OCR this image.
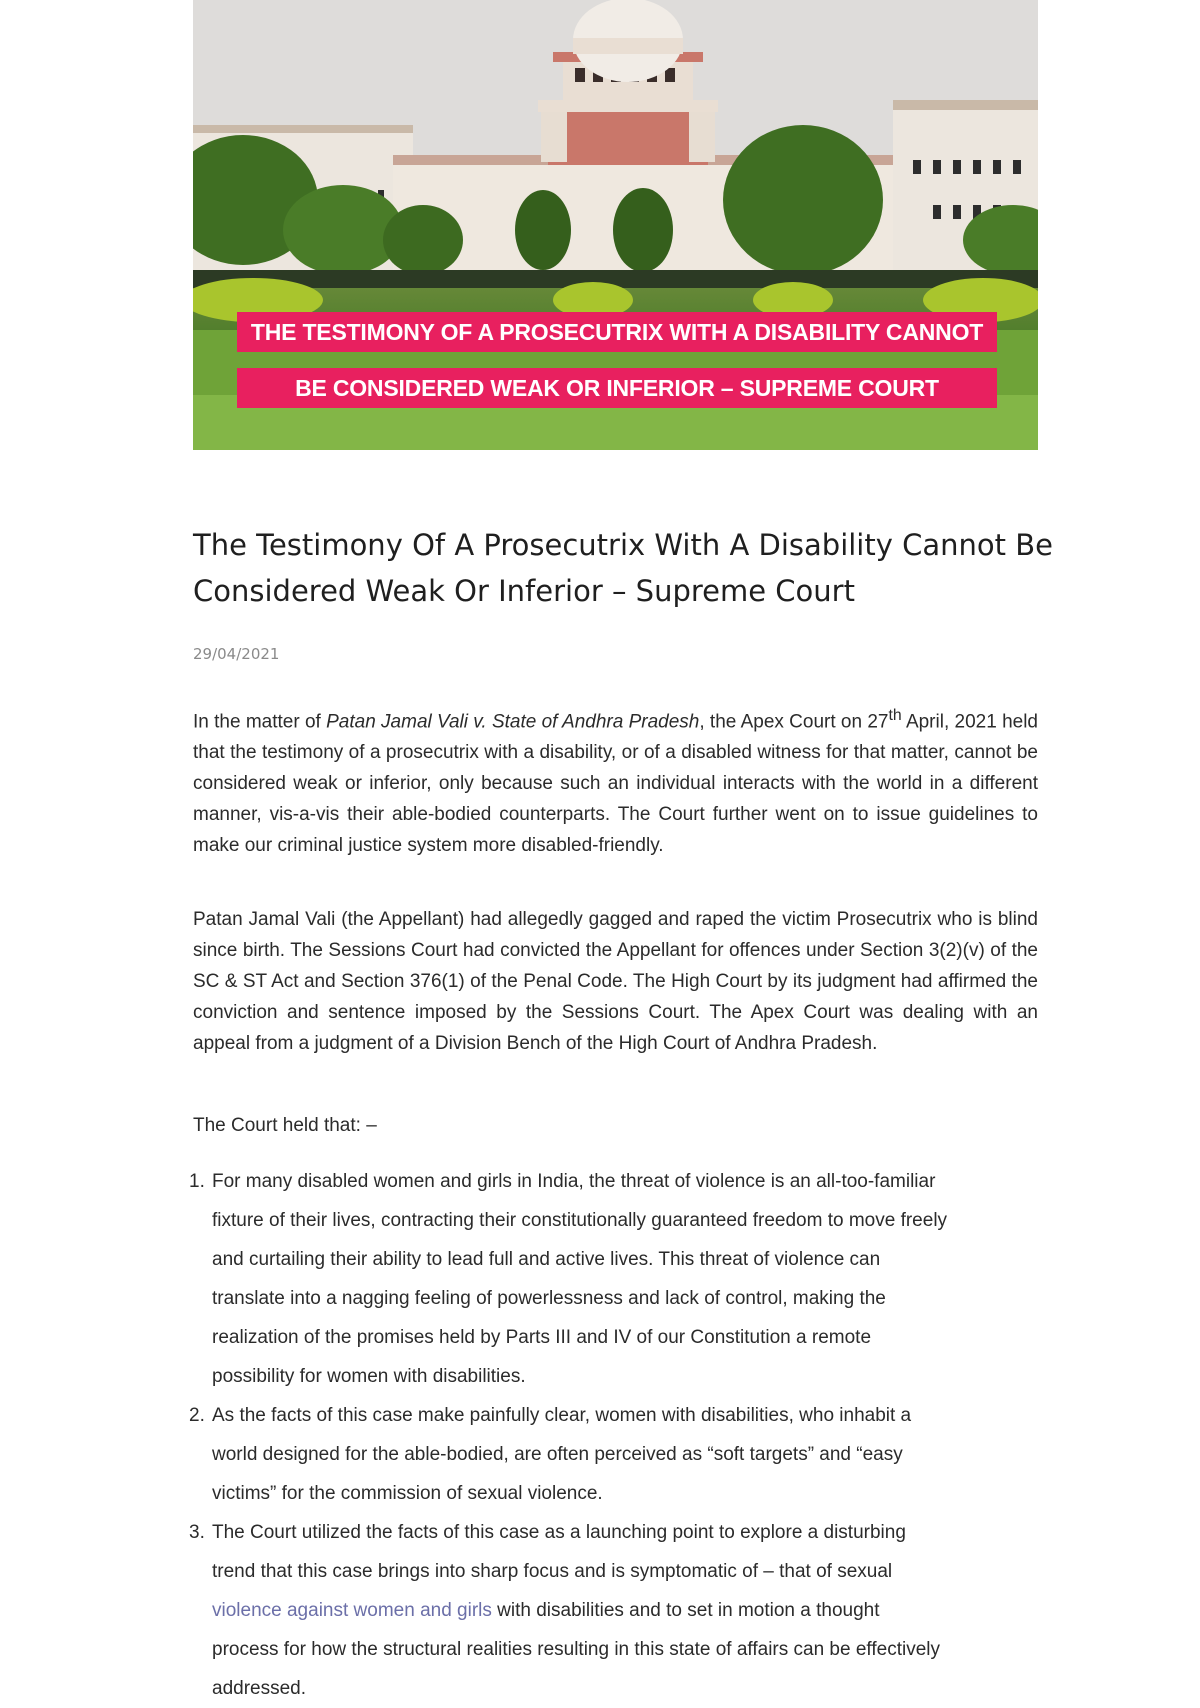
THE TESTIMONY OF A PROSECUTRIX WITH A DISABILITY CANNOT
BE CONSIDERED WEAK OR INFERIOR – SUPREME COURT
The Testimony Of A Prosecutrix With A Disability Cannot Be Considered Weak Or Inferior – Supreme Court
29/04/2021

In the matter of Patan Jamal Vali v. State of Andhra Pradesh, the Apex Court on 27th April, 2021 held that the testimony of a prosecutrix with a disability, or of a disabled witness for that matter, cannot be considered weak or inferior, only because such an individual interacts with the world in a different manner, vis-a-vis their able-bodied counterparts. The Court further went on to issue guidelines to make our criminal justice system more disabled-friendly.

Patan Jamal Vali (the Appellant) had allegedly gagged and raped the victim Prosecutrix who is blind since birth. The Sessions Court had convicted the Appellant for offences under Section 3(2)(v) of the SC & ST Act and Section 376(1) of the Penal Code. The High Court by its judgment had affirmed the conviction and sentence imposed by the Sessions Court. The Apex Court was dealing with an appeal from a judgment of a Division Bench of the High Court of Andhra Pradesh.

The Court held that: –

1. For many disabled women and girls in India, the threat of violence is an all-too-familiar
fixture of their lives, contracting their constitutionally guaranteed freedom to move freely
and curtailing their ability to lead full and active lives. This threat of violence can
translate into a nagging feeling of powerlessness and lack of control, making the
realization of the promises held by Parts III and IV of our Constitution a remote
possibility for women with disabilities.
2. As the facts of this case make painfully clear, women with disabilities, who inhabit a
world designed for the able-bodied, are often perceived as “soft targets” and “easy
victims” for the commission of sexual violence.
3. The Court utilized the facts of this case as a launching point to explore a disturbing
trend that this case brings into sharp focus and is symptomatic of – that of sexual
violence against women and girls with disabilities and to set in motion a thought
process for how the structural realities resulting in this state of affairs can be effectively
addressed.
